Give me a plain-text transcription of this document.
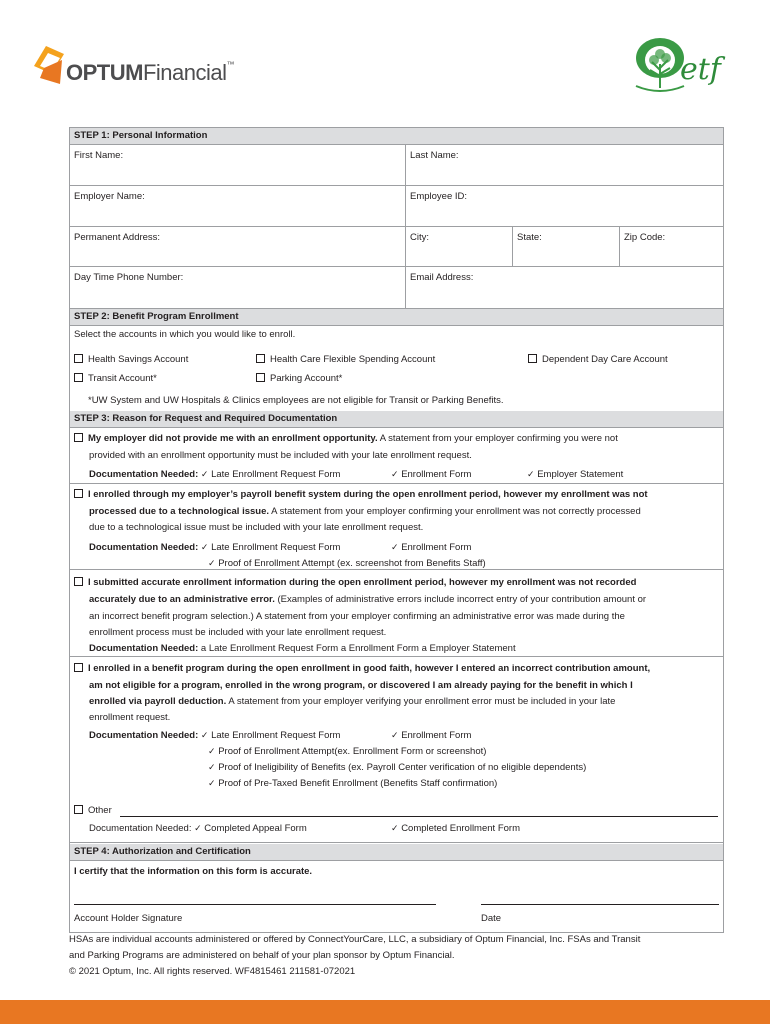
OPTUMFinancial™	etf
STEP 1: Personal Information
First Name:	Last Name:
Employer Name:	Employee ID:
Permanent Address:	City:	State:	Zip Code:
Day Time Phone Number:	Email Address:
STEP 2: Benefit Program Enrollment
Select the accounts in which you would like to enroll.
Health Savings Account	Health Care Flexible Spending Account	Dependent Day Care Account
Transit Account*	Parking Account*
*UW System and UW Hospitals & Clinics employees are not eligible for Transit or Parking Benefits.
STEP 3: Reason for Request and Required Documentation
My employer did not provide me with an enrollment opportunity. A statement from your employer confirming you were not
provided with an enrollment opportunity must be included with your late enrollment request.
Documentation Needed: ✓ Late Enrollment Request Form	✓ Enrollment Form	✓ Employer Statement
I enrolled through my employer’s payroll benefit system during the open enrollment period, however my enrollment was not
processed due to a technological issue. A statement from your employer confirming your enrollment was not correctly processed
due to a technological issue must be included with your late enrollment request.
Documentation Needed: ✓ Late Enrollment Request Form	✓ Enrollment Form
✓ Proof of Enrollment Attempt (ex. screenshot from Benefits Staff)
I submitted accurate enrollment information during the open enrollment period, however my enrollment was not recorded
accurately due to an administrative error. (Examples of administrative errors include incorrect entry of your contribution amount or
an incorrect benefit program selection.) A statement from your employer confirming an administrative error was made during the
enrollment process must be included with your late enrollment request.
Documentation Needed: a Late Enrollment Request Form a Enrollment Form a Employer Statement
I enrolled in a benefit program during the open enrollment in good faith, however I entered an incorrect contribution amount,
am not eligible for a program, enrolled in the wrong program, or discovered I am already paying for the benefit in which I
enrolled via payroll deduction. A statement from your employer verifying your enrollment error must be included in your late
enrollment request.
Documentation Needed: ✓ Late Enrollment Request Form	✓ Enrollment Form
✓ Proof of Enrollment Attempt(ex. Enrollment Form or screenshot)
✓ Proof of Ineligibility of Benefits (ex. Payroll Center verification of no eligible dependents)
✓ Proof of Pre-Taxed Benefit Enrollment (Benefits Staff confirmation)
Other
Documentation Needed: ✓ Completed Appeal Form	✓ Completed Enrollment Form
STEP 4: Authorization and Certification
I certify that the information on this form is accurate.
Account Holder Signature	Date
HSAs are individual accounts administered or offered by ConnectYourCare, LLC, a subsidiary of Optum Financial, Inc. FSAs and Transit
and Parking Programs are administered on behalf of your plan sponsor by Optum Financial.
© 2021 Optum, Inc. All rights reserved. WF4815461 211581-072021
